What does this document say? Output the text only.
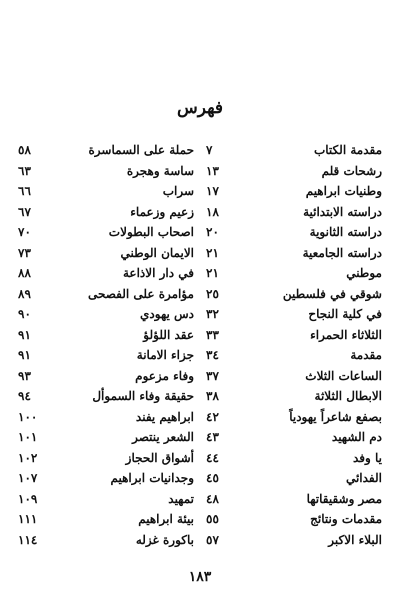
فهرس
حملة على السماسرة
٥٨
ساسة وهجرة
٦٣
سراب
٦٦
زعيم وزعماء
٦٧
اصحاب البطولات
٧٠
الايمان الوطني
٧٣
في دار الاذاعة
٨٨
مؤامرة على الفصحى
٨٩
دس يهودي
٩٠
عقد اللؤلؤ
٩١
جزاء الامانة
٩١
وفاء مزعوم
٩٣
حقيقة وفاء السموأل
٩٤
ابراهيم يفند
١٠٠
الشعر ينتصر
١٠١
أشواق الحجاز
١٠٢
وجدانيات ابراهيم
١٠٧
تمهيد
١٠٩
بيئة ابراهيم
١١١
باكورة غزله
١١٤
مقدمة الكتاب
٧
رشحات قلم
١٣
وطنيات ابراهيم
١٧
دراسته الابتدائية
١٨
دراسته الثانوية
٢٠
دراسته الجامعية
٢١
موطني
٢١
شوقي في فلسطين
٢٥
في كلية النجاح
٣٢
الثلاثاء الحمراء
٣٣
مقدمة
٣٤
الساعات الثلاث
٣٧
الابطال الثلاثة
٣٨
بصفع شاعراً يهودياً
٤٢
دم الشهيد
٤٣
يا وفد
٤٤
الفدائي
٤٥
مصر وشقيقاتها
٤٨
مقدمات ونتائج
٥٥
البلاء الاكبر
٥٧
١٨٣
